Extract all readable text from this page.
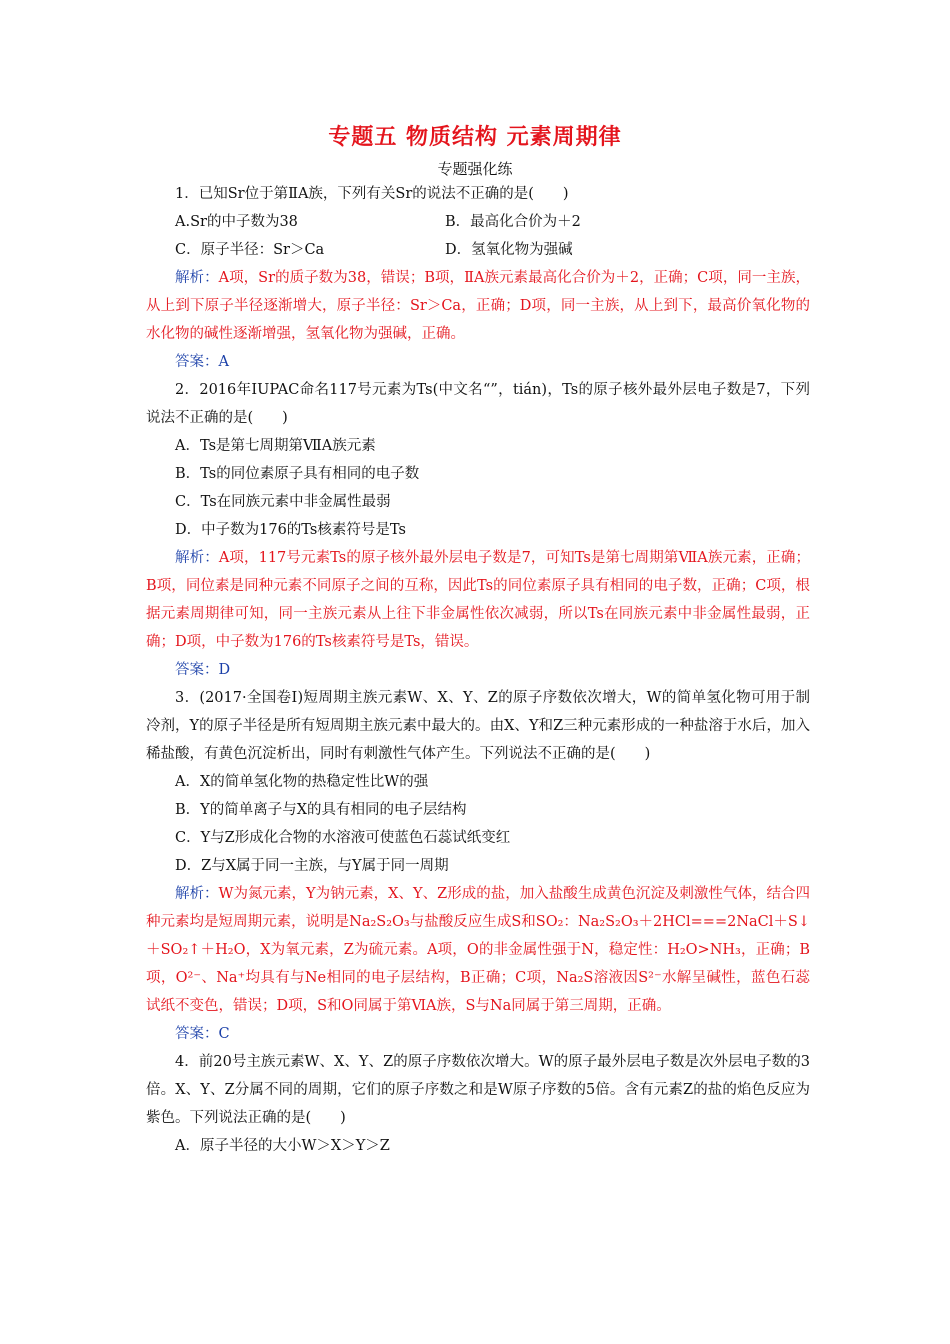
专题五 物质结构 元素周期律
专题强化练

1．已知Sr位于第ⅡA族，下列有关Sr的说法不正确的是(　　)

A.Sr的中子数为38	B．最高化合价为＋2
C．原子半径：Sr＞Ca	D．氢氧化物为强碱

解析：A项，Sr的质子数为38，错误；B项，ⅡA族元素最高化合价为＋2，正确；C项，同一主族，从上到下原子半径逐渐增大，原子半径：Sr＞Ca，正确；D项，同一主族，从上到下，最高价氧化物的水化物的碱性逐渐增强，氢氧化物为强碱，正确。

答案：A

2．2016年IUPAC命名117号元素为Ts(中文名“”，tián)，Ts的原子核外最外层电子数是7，下列说法不正确的是(　　)

A．Ts是第七周期第ⅦA族元素

B．Ts的同位素原子具有相同的电子数

C．Ts在同族元素中非金属性最弱

D．中子数为176的Ts核素符号是Ts

解析：A项，117号元素Ts的原子核外最外层电子数是7，可知Ts是第七周期第ⅦA族元素，正确；B项，同位素是同种元素不同原子之间的互称，因此Ts的同位素原子具有相同的电子数，正确；C项，根据元素周期律可知，同一主族元素从上往下非金属性依次减弱，所以Ts在同族元素中非金属性最弱，正确；D项，中子数为176的Ts核素符号是Ts，错误。

答案：D

3．(2017·全国卷Ⅰ)短周期主族元素W、X、Y、Z的原子序数依次增大，W的简单氢化物可用于制冷剂，Y的原子半径是所有短周期主族元素中最大的。由X、Y和Z三种元素形成的一种盐溶于水后，加入稀盐酸，有黄色沉淀析出，同时有刺激性气体产生。下列说法不正确的是(　　)

A．X的简单氢化物的热稳定性比W的强

B．Y的简单离子与X的具有相同的电子层结构

C．Y与Z形成化合物的水溶液可使蓝色石蕊试纸变红

D．Z与X属于同一主族，与Y属于同一周期

解析：W为氮元素，Y为钠元素，X、Y、Z形成的盐，加入盐酸生成黄色沉淀及刺激性气体，结合四种元素均是短周期元素，说明是Na₂S₂O₃与盐酸反应生成S和SO₂：Na₂S₂O₃＋2HCl===2NaCl＋S↓＋SO₂↑＋H₂O，X为氧元素，Z为硫元素。A项，O的非金属性强于N，稳定性：H₂O>NH₃，正确；B项，O²⁻、Na⁺均具有与Ne相同的电子层结构，B正确；C项，Na₂S溶液因S²⁻水解呈碱性，蓝色石蕊试纸不变色，错误；D项，S和O同属于第ⅥA族，S与Na同属于第三周期，正确。

答案：C

4．前20号主族元素W、X、Y、Z的原子序数依次增大。W的原子最外层电子数是次外层电子数的3倍。X、Y、Z分属不同的周期，它们的原子序数之和是W原子序数的5倍。含有元素Z的盐的焰色反应为紫色。下列说法正确的是(　　)

A．原子半径的大小W＞X＞Y＞Z
